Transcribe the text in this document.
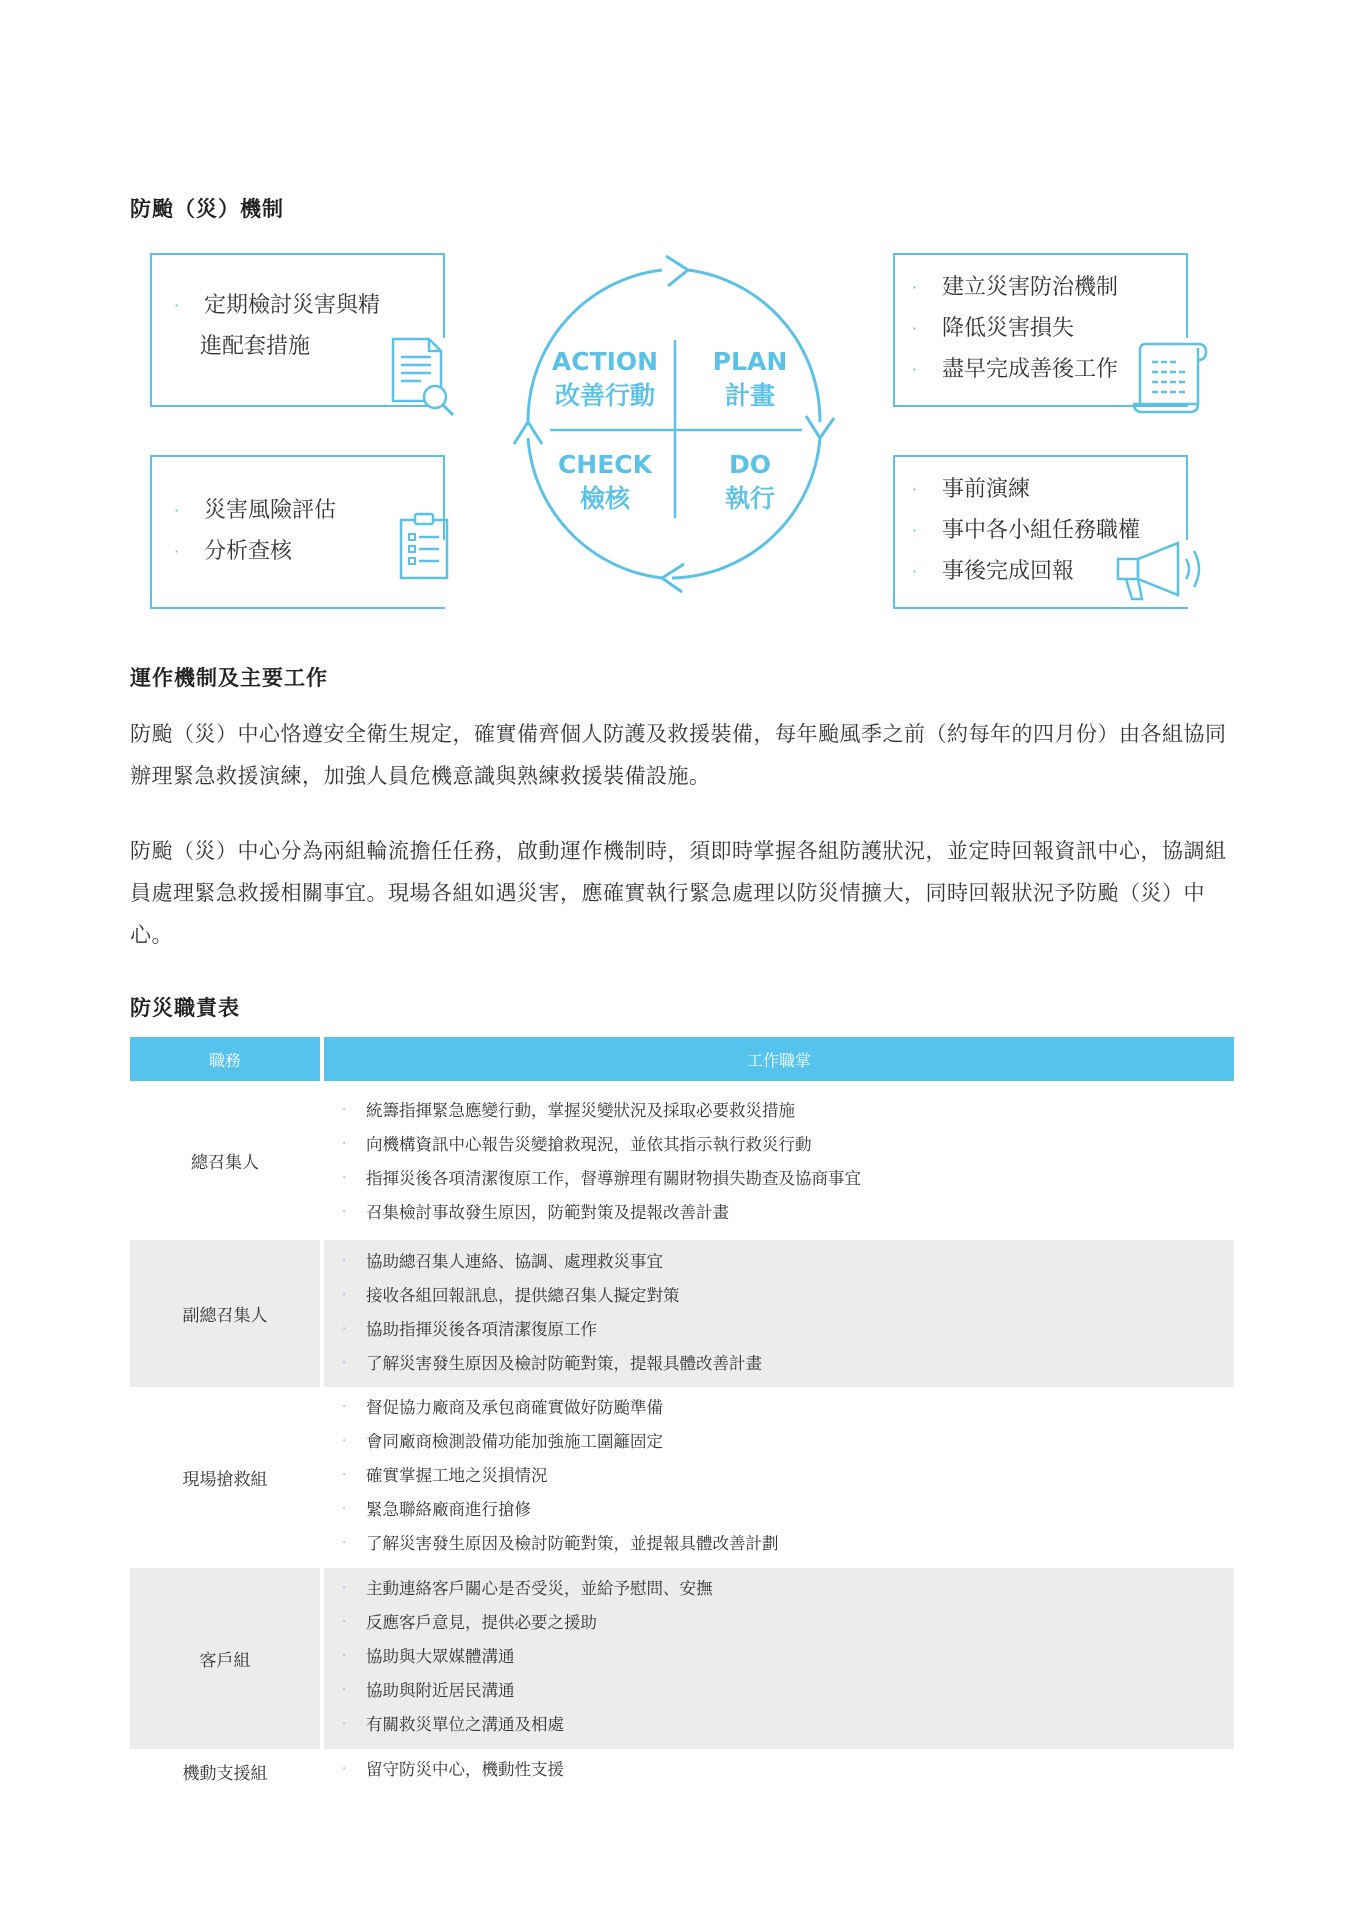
防颱（災）機制
· 定期檢討災害與精
進配套措施
· 災害風險評估
· 分析查核
· 建立災害防治機制
· 降低災害損失
· 盡早完成善後工作
· 事前演練
· 事中各小組任務職權
· 事後完成回報
ACTION
改善行動
PLAN
計畫
CHECK
檢核
DO
執行
運作機制及主要工作
防颱（災）中心恪遵安全衛生規定，確實備齊個人防護及救援裝備，每年颱風季之前（約每年的四月份）由各組協同辦理緊急救援演練，加強人員危機意識與熟練救援裝備設施。
防颱（災）中心分為兩組輪流擔任任務，啟動運作機制時，須即時掌握各組防護狀況，並定時回報資訊中心，協調組員處理緊急救援相關事宜。現場各組如遇災害，應確實執行緊急處理以防災情擴大，同時回報狀況予防颱（災）中心。
防災職責表
職務	工作職掌
總召集人
· 統籌指揮緊急應變行動，掌握災變狀況及採取必要救災措施
· 向機構資訊中心報告災變搶救現況，並依其指示執行救災行動
· 指揮災後各項清潔復原工作，督導辦理有關財物損失勘查及協商事宜
· 召集檢討事故發生原因，防範對策及提報改善計畫
副總召集人
· 協助總召集人連絡、協調、處理救災事宜
· 接收各組回報訊息，提供總召集人擬定對策
· 協助指揮災後各項清潔復原工作
· 了解災害發生原因及檢討防範對策，提報具體改善計畫
現場搶救組
· 督促協力廠商及承包商確實做好防颱準備
· 會同廠商檢測設備功能加強施工圍籬固定
· 確實掌握工地之災損情況
· 緊急聯絡廠商進行搶修
· 了解災害發生原因及檢討防範對策，並提報具體改善計劃
客戶組
· 主動連絡客戶關心是否受災，並給予慰問、安撫
· 反應客戶意見，提供必要之援助
· 協助與大眾媒體溝通
· 協助與附近居民溝通
· 有關救災單位之溝通及相處
機動支援組	· 留守防災中心，機動性支援
